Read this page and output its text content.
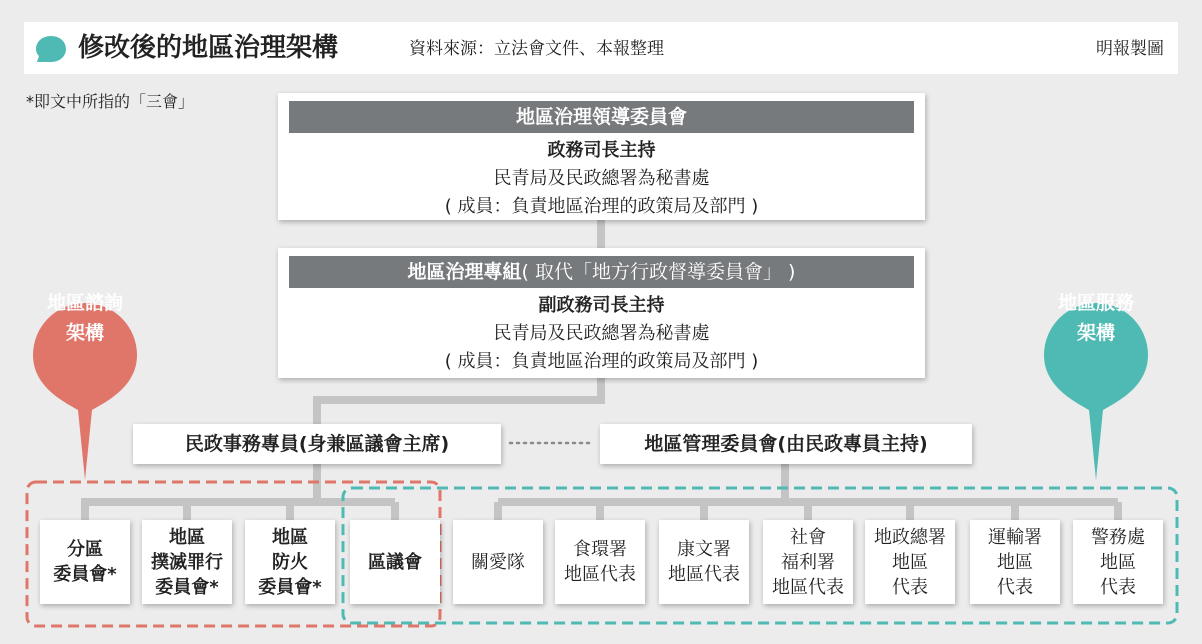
修改後的地區治理架構	資料來源：立法會文件、本報整理	明報製圖
*即文中所指的「三會」
地區治理領導委員會
政務司長主持
民青局及民政總署為秘書處
( 成員：負責地區治理的政策局及部門 )
地區治理專組( 取代「地方行政督導委員會」 )
副政務司長主持
民青局及民政總署為秘書處
( 成員：負責地區治理的政策局及部門 )
民政事務專員(身兼區議會主席)	地區管理委員會(由民政專員主持)
地區諮詢
架構
地區服務
架構
分區
委員會*
地區
撲滅罪行
委員會*
地區
防火
委員會*
區議會	關愛隊
食環署
地區代表
康文署
地區代表
社會
福利署
地區代表
地政總署
地區
代表
運輸署
地區
代表
警務處
地區
代表
